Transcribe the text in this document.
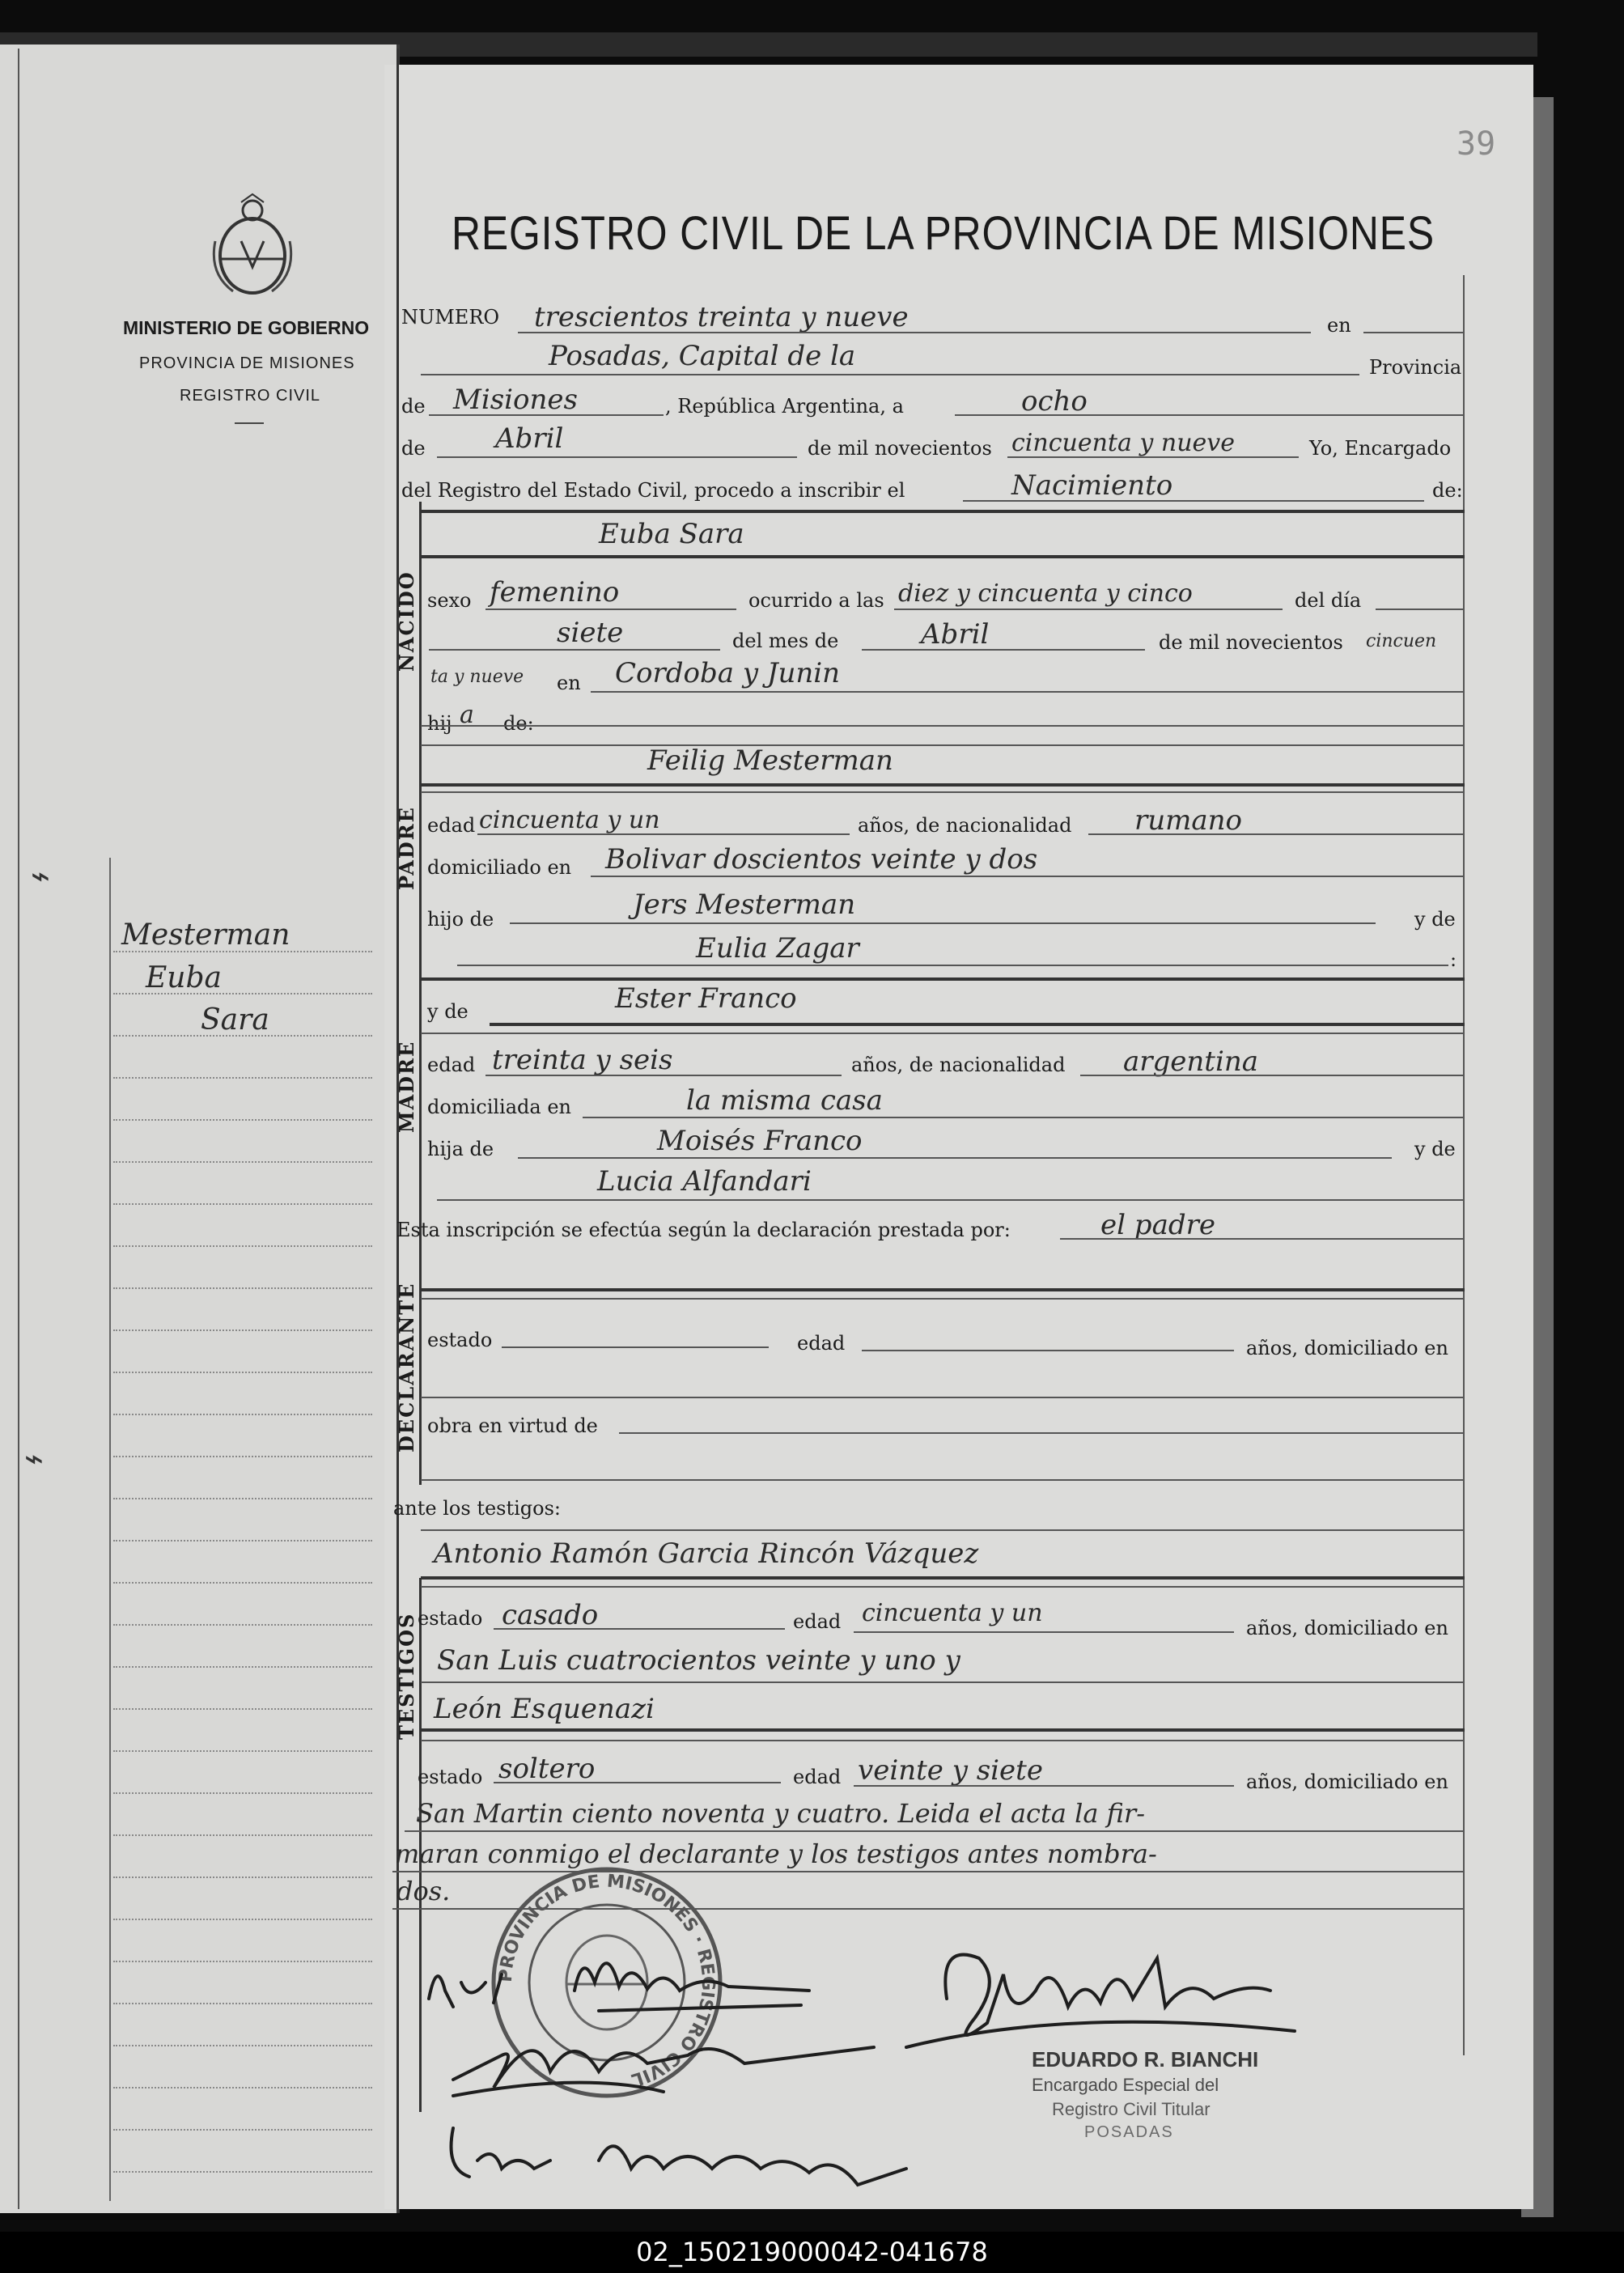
MINISTERIO DE GOBIERNO
PROVINCIA DE MISIONES
REGISTRO CIVIL
Mesterman
Euba
Sara
⌁
⌁
39
REGISTRO CIVIL DE LA PROVINCIA DE MISIONES
NUMERO trescientos treinta y nueve	en
Posadas, Capital de la	Provincia
de Misiones	, República Argentina, a	ocho
de	Abril	de mil novecientos cincuenta y nueve	Yo, Encargado
del Registro del Estado Civil, procedo a inscribir el	Nacimiento	de:
NACIDO
Euba Sara
sexo femenino	ocurrido a las diez y cincuenta y cinco	del día
siete	del mes de	Abril	de mil novecientos cincuen
ta y nueve en Cordoba y Junin
hij a de:
PADRE
Feilig Mesterman
edad cincuenta y un	años, de nacionalidad rumano
domiciliado en Bolivar doscientos veinte y dos
hijo de	Jers Mesterman	y de
Eulia Zagar	:
MADRE
y de	Ester Franco
edad treinta y seis	años, de nacionalidad argentina
domiciliada en	la misma casa
hija de	Moisés Franco	y de
Lucia Alfandari
Esta inscripción se efectúa según la declaración prestada por:	el padre
DECLARANTE estado	edad	años, domiciliado en
obra en virtud de
ante los testigos:
TESTIGOS
Antonio Ramón Garcia Rincón Vázquez
estado casado	edad cincuenta y un
años, domiciliado en
San Luis cuatrocientos veinte y uno y
León Esquenazi
estado soltero	edad veinte y siete	años, domiciliado en
San Martin ciento noventa y cuatro. Leida el acta la fir-
maran conmigo el declarante y los testigos antes nombra-
dos.
PROVINCIA DE MISIONES · REGISTRO CIVIL
EDUARDO R. BIANCHI
Encargado Especial del
Registro Civil Titular
POSADAS
02_150219000042-041678
